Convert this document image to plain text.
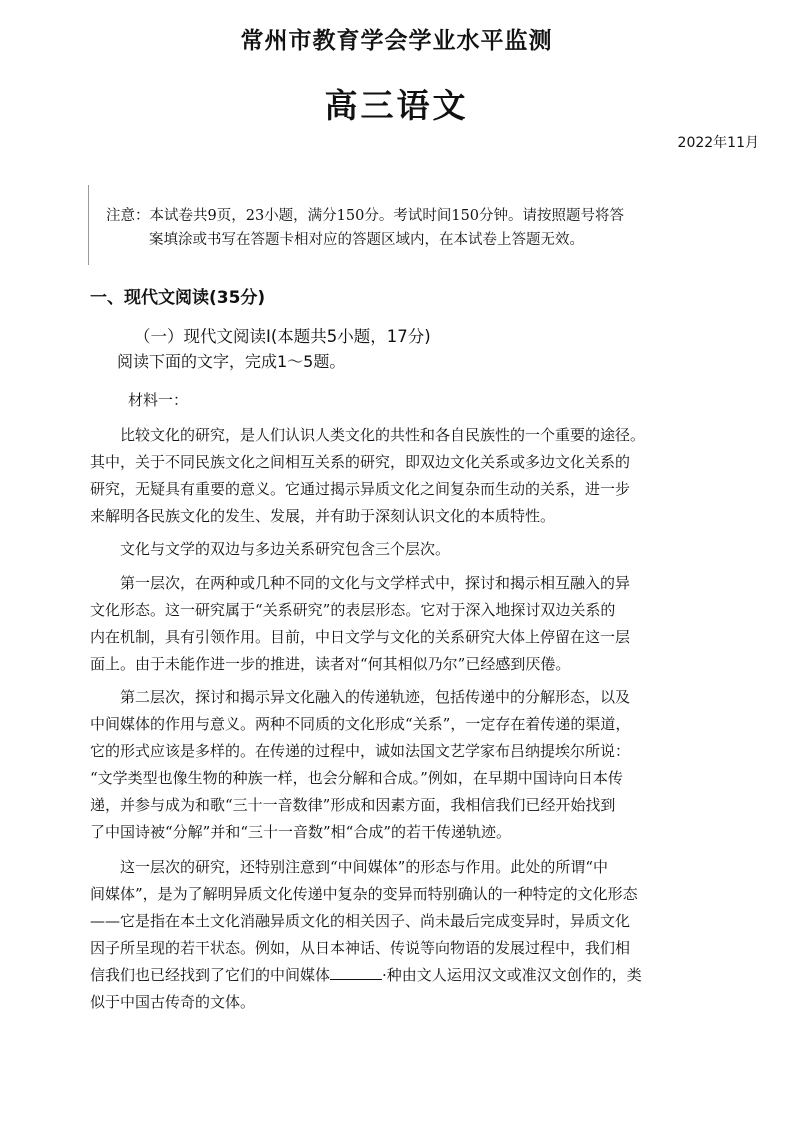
常州市教育学会学业水平监测
高三语文
2022年11月
注意：本试卷共9页，23小题，满分150分。考试时间150分钟。请按照题号将答
案填涂或书写在答题卡相对应的答题区域内，在本试卷上答题无效。
一、现代文阅读(35分)
（一）现代文阅读Ⅰ(本题共5小题，17分)
阅读下面的文字，完成1～5题。
材料一：
比较文化的研究，是人们认识人类文化的共性和各自民族性的一个重要的途径。
其中，关于不同民族文化之间相互关系的研究，即双边文化关系或多边文化关系的
研究，无疑具有重要的意义。它通过揭示异质文化之间复杂而生动的关系，进一步
来解明各民族文化的发生、发展，并有助于深刻认识文化的本质特性。
文化与文学的双边与多边关系研究包含三个层次。
第一层次，在两种或几种不同的文化与文学样式中，探讨和揭示相互融入的异
文化形态。这一研究属于“关系研究”的表层形态。它对于深入地探讨双边关系的
内在机制，具有引领作用。目前，中日文学与文化的关系研究大体上停留在这一层
面上。由于未能作进一步的推进，读者对“何其相似乃尔”已经感到厌倦。
第二层次，探讨和揭示异文化融入的传递轨迹，包括传递中的分解形态，以及
中间媒体的作用与意义。两种不同质的文化形成“关系”，一定存在着传递的渠道，
它的形式应该是多样的。在传递的过程中，诚如法国文艺学家布吕纳提埃尔所说：
“文学类型也像生物的种族一样，也会分解和合成。”例如，在早期中国诗向日本传
递，并参与成为和歌“三十一音数律”形成和因素方面，我相信我们已经开始找到
了中国诗被“分解”并和“三十一音数”相“合成”的若干传递轨迹。
这一层次的研究，还特别注意到“中间媒体”的形态与作用。此处的所谓“中
间媒体”，是为了解明异质文化传递中复杂的变异而特别确认的一种特定的文化形态
——它是指在本土文化消融异质文化的相关因子、尚未最后完成变异时，异质文化
因子所呈现的若干状态。例如，从日本神话、传说等向物语的发展过程中，我们相
信我们也已经找到了它们的中间媒体	·种由文人运用汉文或准汉文创作的，类
似于中国古传奇的文体。
